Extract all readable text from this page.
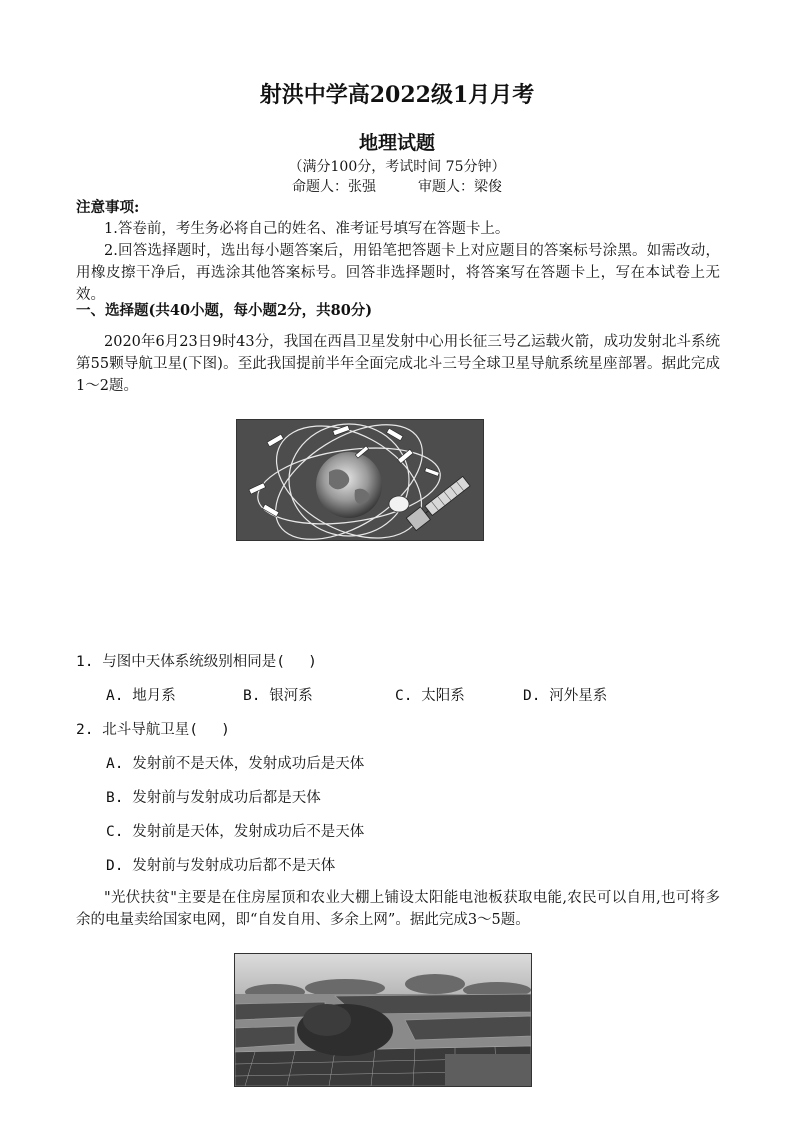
射洪中学高2022级1月月考
地理试题
（满分100分，考试时间 75分钟）
命题人：张强　　　审题人：梁俊
注意事项:
1.答卷前，考生务必将自己的姓名、准考证号填写在答题卡上。
2.回答选择题时，选出每小题答案后，用铅笔把答题卡上对应题目的答案标号涂黑。如需改动，用橡皮擦干净后，再选涂其他答案标号。回答非选择题时，将答案写在答题卡上，写在本试卷上无效。
一、选择题(共40小题，每小题2分，共80分)
2020年6月23日9时43分，我国在西昌卫星发射中心用长征三号乙运载火箭，成功发射北斗系统第55颗导航卫星(下图)。至此我国提前半年全面完成北斗三号全球卫星导航系统星座部署。据此完成1～2题。
1. 与图中天体系统级别相同是(　 )
A. 地月系	B. 银河系	C. 太阳系	D. 河外星系
2. 北斗导航卫星(　 )
A. 发射前不是天体，发射成功后是天体
B. 发射前与发射成功后都是天体
C. 发射前是天体，发射成功后不是天体
D. 发射前与发射成功后都不是天体
"光伏扶贫"主要是在住房屋顶和农业大棚上铺设太阳能电池板获取电能,农民可以自用,也可将多余的电量卖给国家电网，即“自发自用、多余上网”。据此完成3～5题。
